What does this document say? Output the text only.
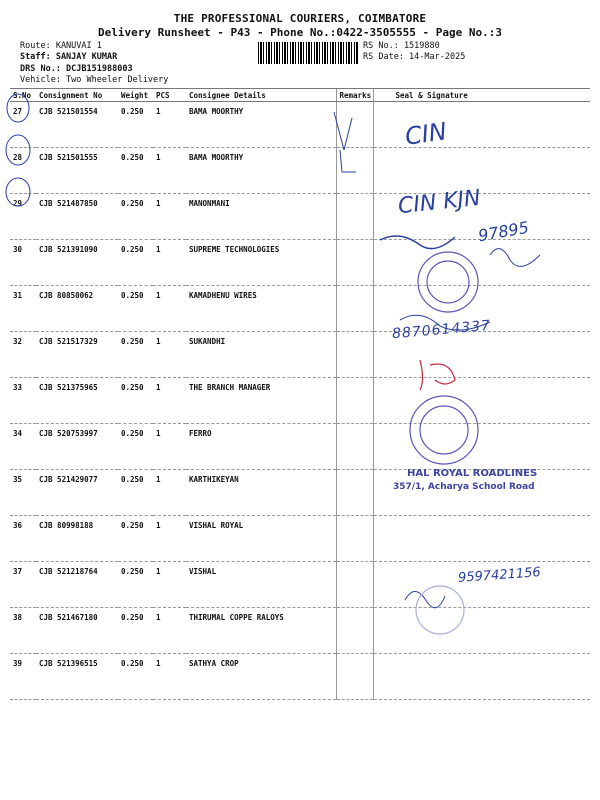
THE PROFESSIONAL COURIERS, COIMBATORE
Delivery Runsheet - P43 - Phone No.:0422-3505555 - Page No.:3
Route: KANUVAI 1
Staff: SANJAY KUMAR
DRS No.: DCJB151988003
Vehicle: Two Wheeler Delivery
RS No.: 1519880
RS Date: 14-Mar-2025
S.No	Consignment No	Weight	PCS	Consignee Details	Remarks	Seal & Signature
27	CJB 521501554	0.250	1	BAMA MOORTHY		
28	CJB 521501555	0.250	1	BAMA MOORTHY		
29	CJB 521487850	0.250	1	MANONMANI		
30	CJB 521391090	0.250	1	SUPREME TECHNOLOGIES		
31	CJB 80850062	0.250	1	KAMADHENU WIRES		
32	CJB 521517329	0.250	1	SUKANDHI		
33	CJB 521375965	0.250	1	THE BRANCH MANAGER		
34	CJB 520753997	0.250	1	FERRO		
35	CJB 521429077	0.250	1	KARTHIKEYAN		
36	CJB 80998188	0.250	1	VISHAL ROYAL		
37	CJB 521218764	0.250	1	VISHAL		
38	CJB 521467180	0.250	1	THIRUMAL COPPE RALOYS		
39	CJB 521396515	0.250	1	SATHYA CROP		
CIN
CIN KJN
97895
8870614337
HAL ROYAL ROADLINES
357/1, Acharya School Road
9597421156
